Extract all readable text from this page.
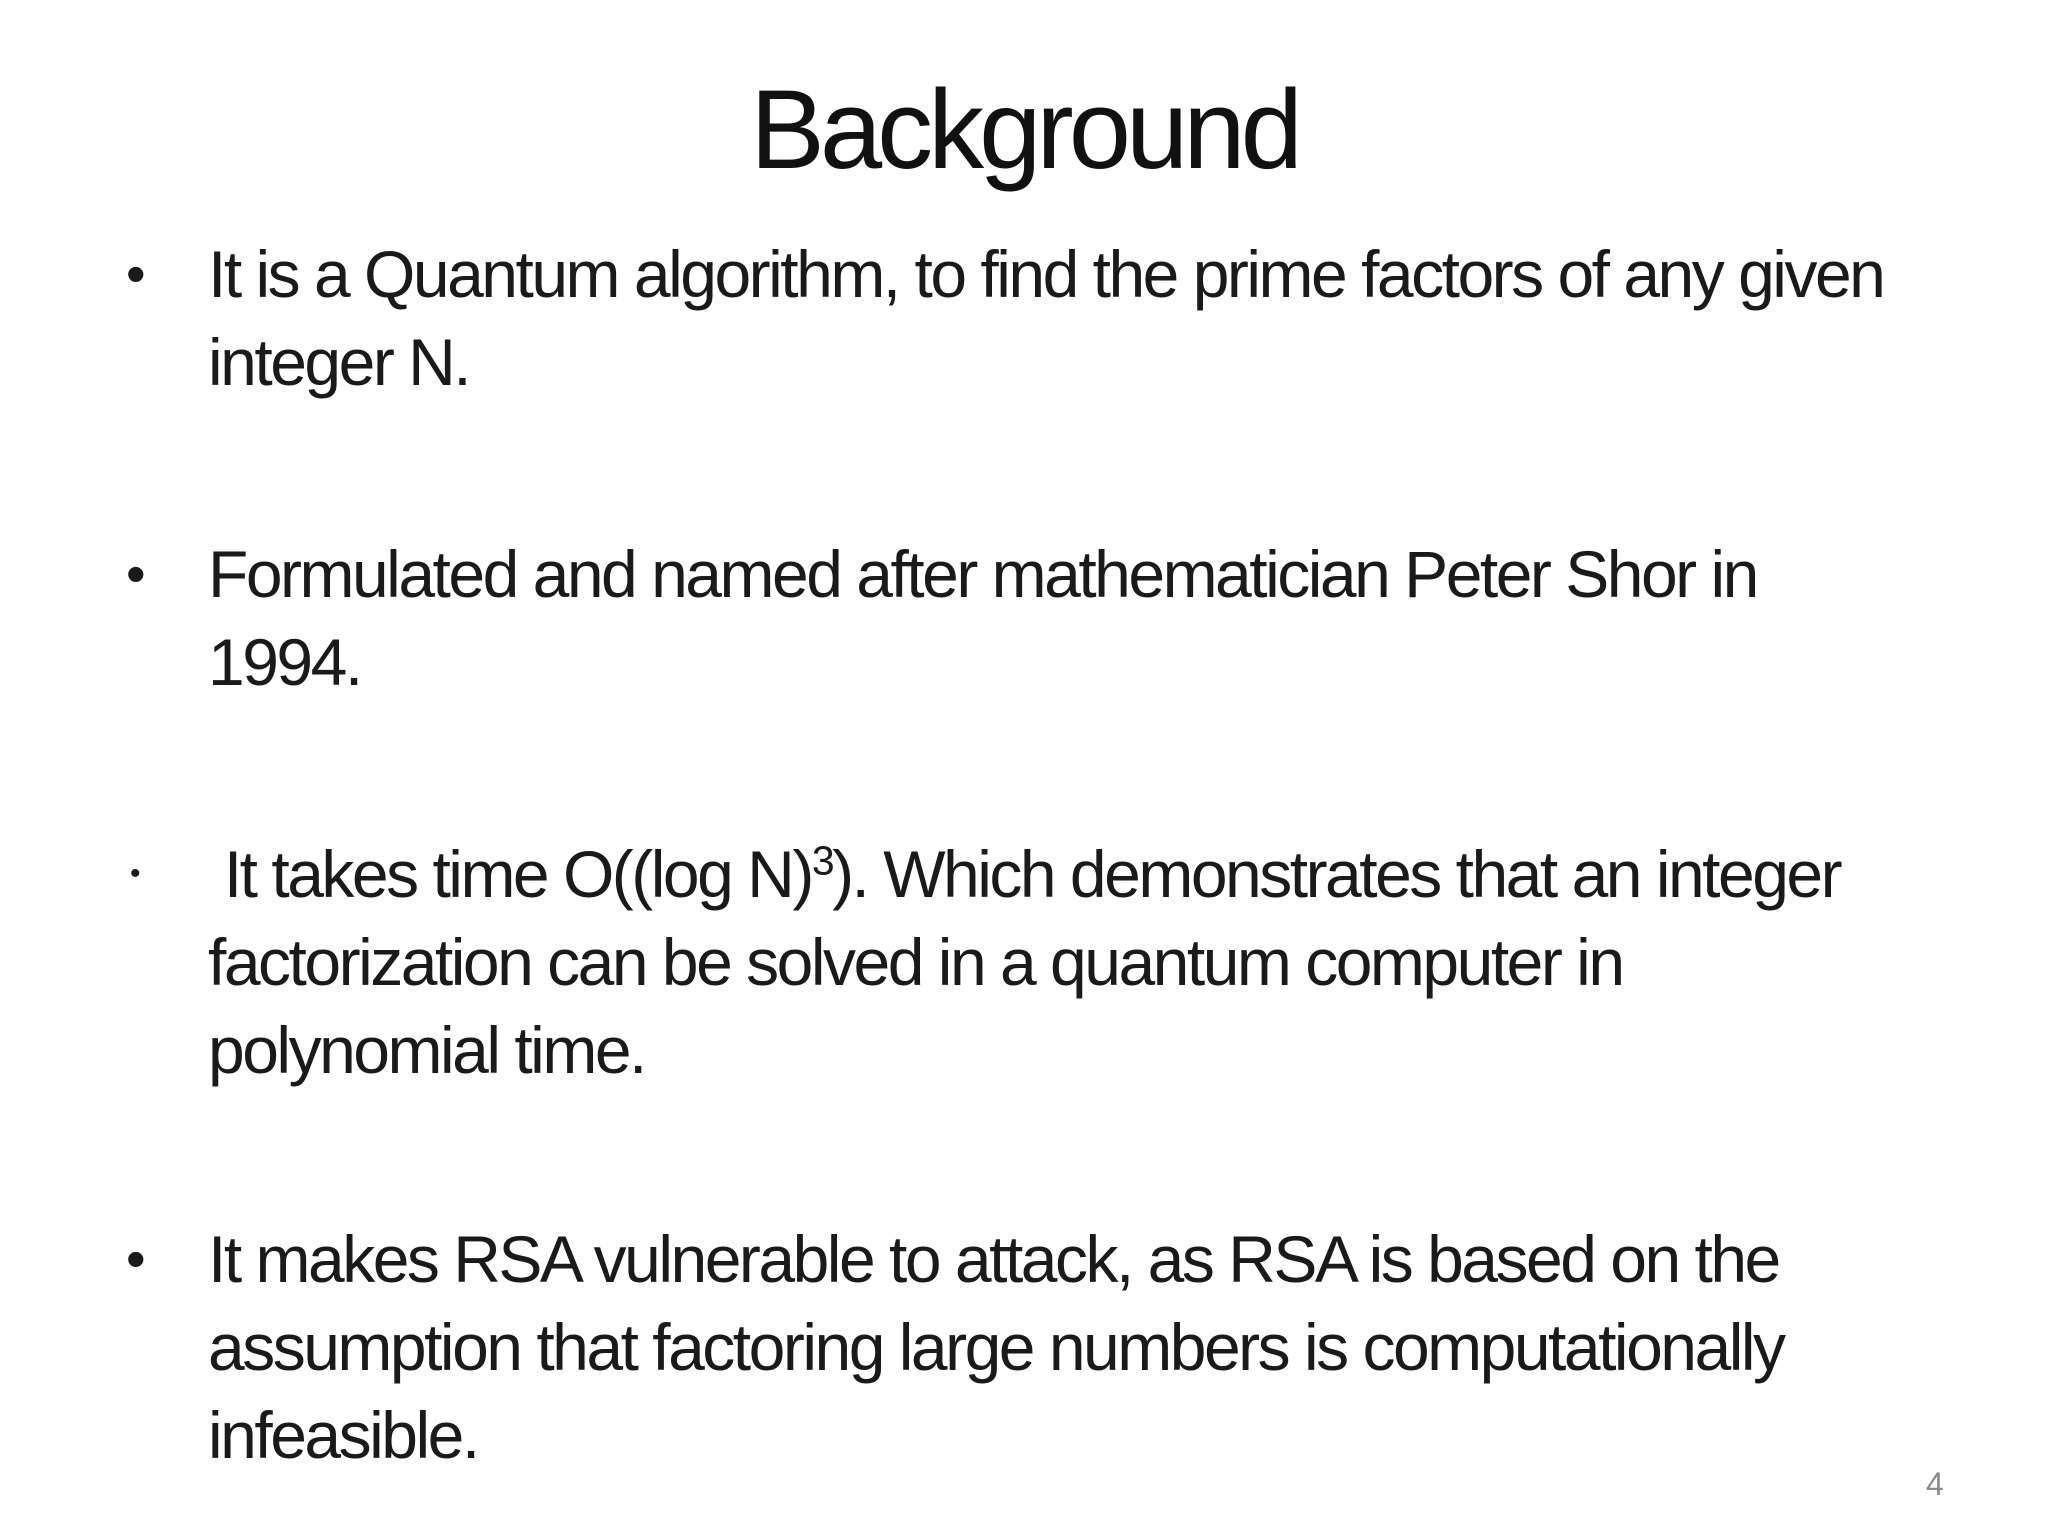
Background
• It is a Quantum algorithm, to find the prime factors of any given integer N.
• Formulated and named after mathematician Peter Shor in 1994.
• It takes time O((log N)$^3$). Which demonstrates that an integer factorization can be solved in a quantum computer in polynomial time.
• It makes RSA vulnerable to attack, as RSA is based on the assumption that factoring large numbers is computationally infeasible.
4
